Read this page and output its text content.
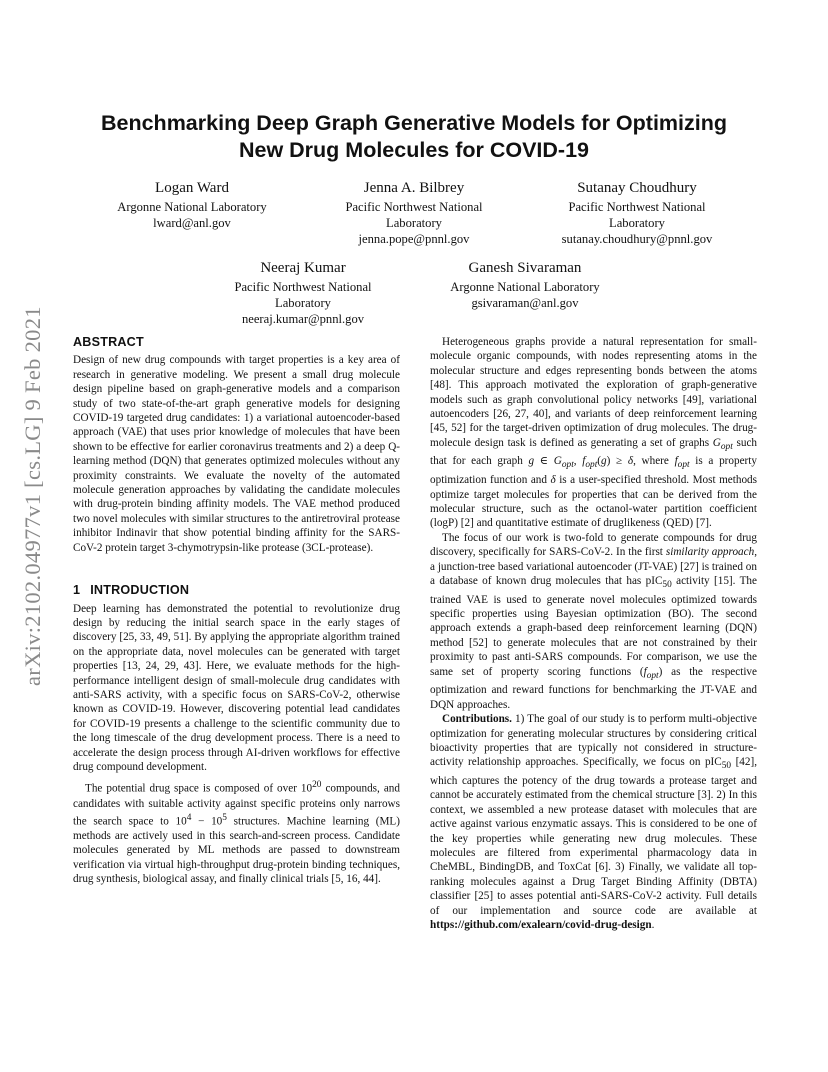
arXiv:2102.04977v1 [cs.LG] 9 Feb 2021
Benchmarking Deep Graph Generative Models for Optimizing
New Drug Molecules for COVID-19
Logan Ward
Argonne National Laboratory
lward@anl.gov
Jenna A. Bilbrey
Pacific Northwest National
Laboratory
jenna.pope@pnnl.gov
Sutanay Choudhury
Pacific Northwest National
Laboratory
sutanay.choudhury@pnnl.gov
Neeraj Kumar
Pacific Northwest National
Laboratory
neeraj.kumar@pnnl.gov
Ganesh Sivaraman
Argonne National Laboratory
gsivaraman@anl.gov
ABSTRACT

Design of new drug compounds with target properties is a key area of research in generative modeling. We present a small drug molecule design pipeline based on graph-generative models and a comparison study of two state-of-the-art graph generative models for designing COVID-19 targeted drug candidates: 1) a variational autoencoder-based approach (VAE) that uses prior knowledge of molecules that have been shown to be effective for earlier coronavirus treatments and 2) a deep Q-learning method (DQN) that generates optimized molecules without any proximity constraints. We evaluate the novelty of the automated molecule generation approaches by validating the candidate molecules with drug-protein binding affinity models. The VAE method produced two novel molecules with similar structures to the antiretroviral protease inhibitor Indinavir that show potential binding affinity for the SARS-CoV-2 protein target 3-chymotrypsin-like protease (3CL-protease).

1 INTRODUCTION

Deep learning has demonstrated the potential to revolutionize drug design by reducing the initial search space in the early stages of discovery [25, 33, 49, 51]. By applying the appropriate algorithm trained on the appropriate data, novel molecules can be generated with target properties [13, 24, 29, 43]. Here, we evaluate methods for the high-performance intelligent design of small-molecule drug candidates with anti-SARS activity, with a specific focus on SARS-CoV-2, otherwise known as COVID-19. However, discovering potential lead candidates for COVID-19 presents a challenge to the scientific community due to the long timescale of the drug development process. There is a need to accelerate the design process through AI-driven workflows for effective drug compound development.

The potential drug space is composed of over $10^{20}$ compounds, and candidates with suitable activity against specific proteins only narrows the search space to $10^4 - 10^5$ structures. Machine learning (ML) methods are actively used in this search-and-screen process. Candidate molecules generated by ML methods are passed to downstream verification via virtual high-throughput drug-protein binding techniques, drug synthesis, biological assay, and finally clinical trials [5, 16, 44].

Heterogeneous graphs provide a natural representation for small-molecule organic compounds, with nodes representing atoms in the molecular structure and edges representing bonds between the atoms [48]. This approach motivated the exploration of graph-generative models such as graph convolutional policy networks [49], variational autoencoders [26, 27, 40], and variants of deep reinforcement learning [45, 52] for the target-driven optimization of drug molecules. The drug-molecule design task is defined as generating a set of graphs $G_{opt}$ such that for each graph g ∈ $G_{opt}$, $f_{opt}(g) \ge \delta$, where $f_{opt}$ is a property optimization function and δ is a user-specified threshold. Most methods optimize target molecules for properties that can be derived from the molecular structure, such as the octanol-water partition coefficient (logP) [2] and quantitative estimate of druglikeness (QED) [7].

The focus of our work is two-fold to generate compounds for drug discovery, specifically for SARS-CoV-2. In the first similarity approach, a junction-tree based variational autoencoder (JT-VAE) [27] is trained on a database of known drug molecules that has pIC$_{50}$ activity [15]. The trained VAE is used to generate novel molecules optimized towards specific properties using Bayesian optimization (BO). The second approach extends a graph-based deep reinforcement learning (DQN) method [52] to generate molecules that are not constrained by their proximity to past anti-SARS compounds. For comparison, we use the same set of property scoring functions $(f_{opt})$ as the respective optimization and reward functions for benchmarking the JT-VAE and DQN approaches.

Contributions. 1) The goal of our study is to perform multi-objective optimization for generating molecular structures by considering critical bioactivity properties that are typically not considered in structure-activity relationship approaches. Specifically, we focus on pIC$_{50}$ [42], which captures the potency of the drug towards a protease target and cannot be accurately estimated from the chemical structure [3]. 2) In this context, we assembled a new protease dataset with molecules that are active against various enzymatic assays. This is considered to be one of the key properties while generating new drug molecules. These molecules are filtered from experimental pharmacology data in CheMBL, BindingDB, and ToxCat [6]. 3) Finally, we validate all top-ranking molecules against a Drug Target Binding Affinity (DBTA) classifier [25] to asses potential anti-SARS-CoV-2 activity. Full details of our implementation and source code are available at https://github.com/exalearn/covid-drug-design.
